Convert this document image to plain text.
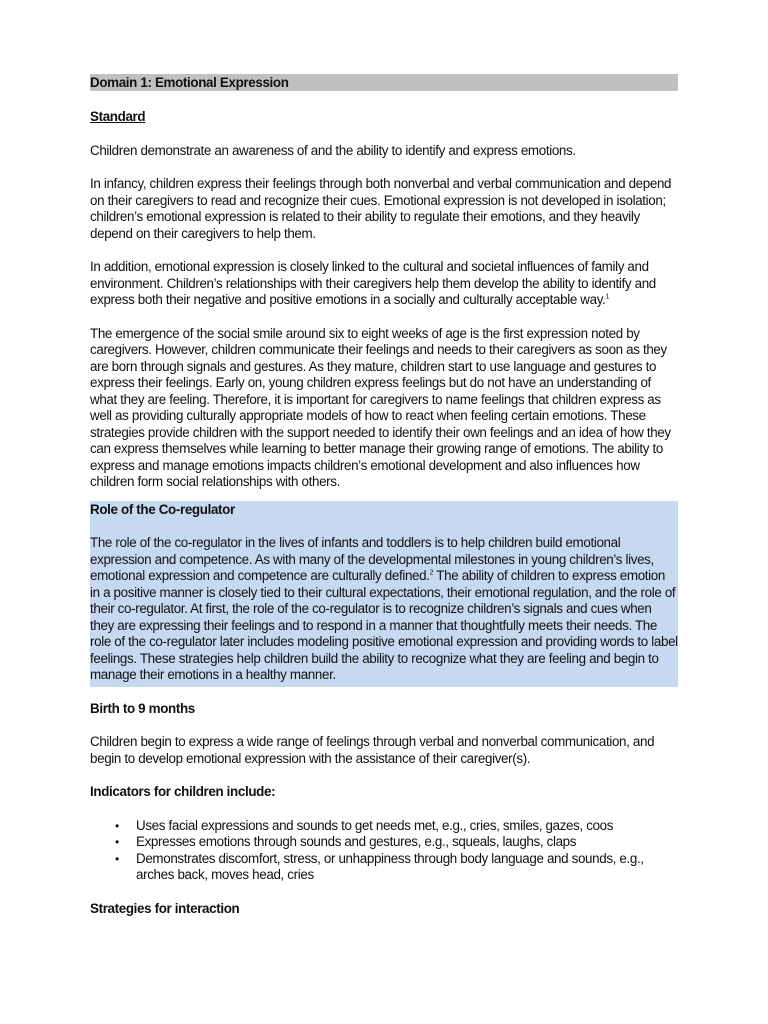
Domain 1: Emotional Expression

Standard

Children demonstrate an awareness of and the ability to identify and express emotions.

In infancy, children express their feelings through both nonverbal and verbal communication and depend on their caregivers to read and recognize their cues. Emotional expression is not developed in isolation; children’s emotional expression is related to their ability to regulate their emotions, and they heavily depend on their caregivers to help them.

In addition, emotional expression is closely linked to the cultural and societal influences of family and environment. Children’s relationships with their caregivers help them develop the ability to identify and express both their negative and positive emotions in a socially and culturally acceptable way.$^1$

The emergence of the social smile around six to eight weeks of age is the first expression noted by caregivers. However, children communicate their feelings and needs to their caregivers as soon as they are born through signals and gestures. As they mature, children start to use language and gestures to express their feelings. Early on, young children express feelings but do not have an understanding of what they are feeling. Therefore, it is important for caregivers to name feelings that children express as well as providing culturally appropriate models of how to react when feeling certain emotions. These strategies provide children with the support needed to identify their own feelings and an idea of how they can express themselves while learning to better manage their growing range of emotions. The ability to express and manage emotions impacts children’s emotional development and also influences how children form social relationships with others.

Role of the Co-regulator

The role of the co-regulator in the lives of infants and toddlers is to help children build emotional expression and competence. As with many of the developmental milestones in young children’s lives, emotional expression and competence are culturally defined.$^2$ The ability of children to express emotion in a positive manner is closely tied to their cultural expectations, their emotional regulation, and the role of their co-regulator. At first, the role of the co-regulator is to recognize children’s signals and cues when they are expressing their feelings and to respond in a manner that thoughtfully meets their needs. The role of the co-regulator later includes modeling positive emotional expression and providing words to label feelings. These strategies help children build the ability to recognize what they are feeling and begin to manage their emotions in a healthy manner.

Birth to 9 months

Children begin to express a wide range of feelings through verbal and nonverbal communication, and begin to develop emotional expression with the assistance of their caregiver(s).

Indicators for children include:

• Uses facial expressions and sounds to get needs met, e.g., cries, smiles, gazes, coos
• Expresses emotions through sounds and gestures, e.g., squeals, laughs, claps
• Demonstrates discomfort, stress, or unhappiness through body language and sounds, e.g., arches back, moves head, cries

Strategies for interaction
